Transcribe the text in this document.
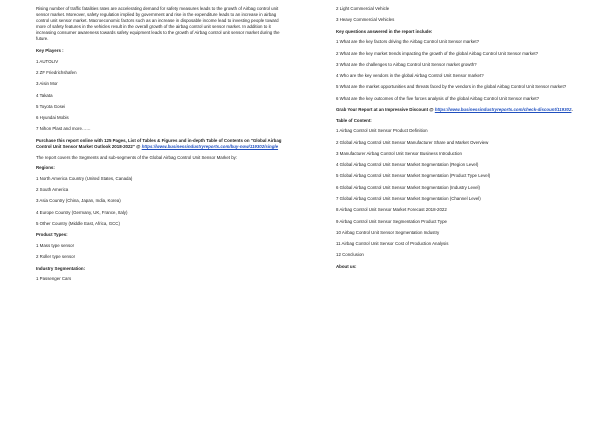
Rising number of traffic fatalities rates are accelerating demand for safety measures leads to the growth of Airbag control unit sensor market. Moreover, safety regulation implied by government and rise in the expenditure leads to an increase in airbag control unit sensor market. Macroeconomic factors such as an increase in disposable income lead to investing people toward more of safety features in the vehicles result in the overall growth of the airbag control unit sensor market. In addition to it increasing consumer awareness towards safety equipment leads to the growth of Airbag control unit sensor market during the future.

Key Players :

1 AUTOLIV

2 ZF Friedrichshafen

3 Aisin Mor

4 Takata

5 Toyota Gosei

6 Hyundai Mobis

7 Nihon Plast and more……

Purchase this report online with 125 Pages, List of Tables & Figures and in-depth Table of Contents on "Global Airbag Control Unit Sensor Market Outlook 2018-2022" @ https://www.businessindustryreports.com/buy-now/119302/single

The report covers the Segments and sub-segments of the Global Airbag Control Unit Sensor Market by:

Regions:

1 North America Country (United States, Canada)

2 South America

3 Asia Country (China, Japan, India, Korea)

4 Europe Country (Germany, UK, France, Italy)

5 Other Country (Middle East, Africa, GCC)

Product Types:

1 Mass type sensor

2 Roller type sensor

Industry Segmentation:

1 Passenger Cars

2 Light Commercial Vehicle

3 Heavy Commercial Vehicles

Key questions answered in the report include:

1 What are the key factors driving the Airbag Control Unit Sensor market?

2 What are the key market trends impacting the growth of the global Airbag Control Unit Sensor market?

3 What are the challenges to Airbag Control Unit Sensor market growth?

4 Who are the key vendors in the global Airbag Control Unit Sensor market?

5 What are the market opportunities and threats faced by the vendors in the global Airbag Control Unit Sensor market?

6 What are the key outcomes of the five forces analysis of the global Airbag Control Unit Sensor market?

Grab Your Report at an Impressive Discount @ https://www.businessindustryreports.com/check-discount/119302.

Table of Content:

1 Airbag Control Unit Sensor Product Definition

2 Global Airbag Control Unit Sensor Manufacturer Share and Market Overview

3 Manufacturer Airbag Control Unit Sensor Business Introduction

4 Global Airbag Control Unit Sensor Market Segmentation (Region Level)

5 Global Airbag Control Unit Sensor Market Segmentation (Product Type Level)

6 Global Airbag Control Unit Sensor Market Segmentation (Industry Level)

7 Global Airbag Control Unit Sensor Market Segmentation (Channel Level)

8 Airbag Control Unit Sensor Market Forecast 2018-2022

9 Airbag Control Unit Sensor Segmentation Product Type

10 Airbag Control Unit Sensor Segmentation Industry

11 Airbag Control Unit Sensor Cost of Production Analysis

12 Conclusion

About us:
